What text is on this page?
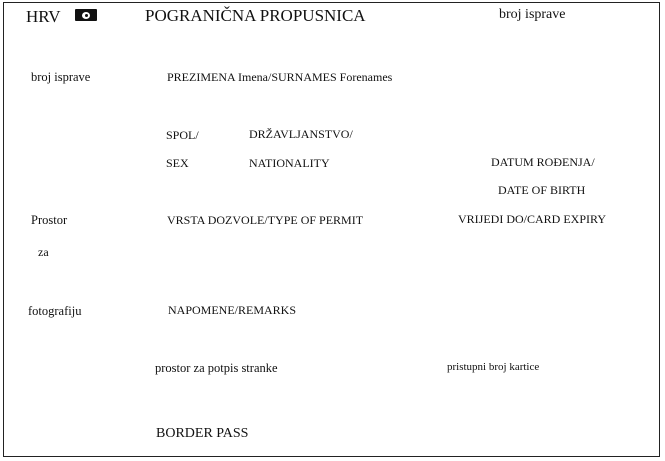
HRV	POGRANIČNA PROPUSNICA	broj isprave
broj isprave
Prostor
za
fotografiju
PREZIMENA Imena/SURNAMES Forenames
SPOL/
SEX
DRŽAVLJANSTVO/
NATIONALITY	DATUM ROĐENJA/
DATE OF BIRTH
VRSTA DOZVOLE/TYPE OF PERMIT	VRIJEDI DO/CARD EXPIRY
NAPOMENE/REMARKS
prostor za potpis stranke	pristupni broj kartice
BORDER PASS
